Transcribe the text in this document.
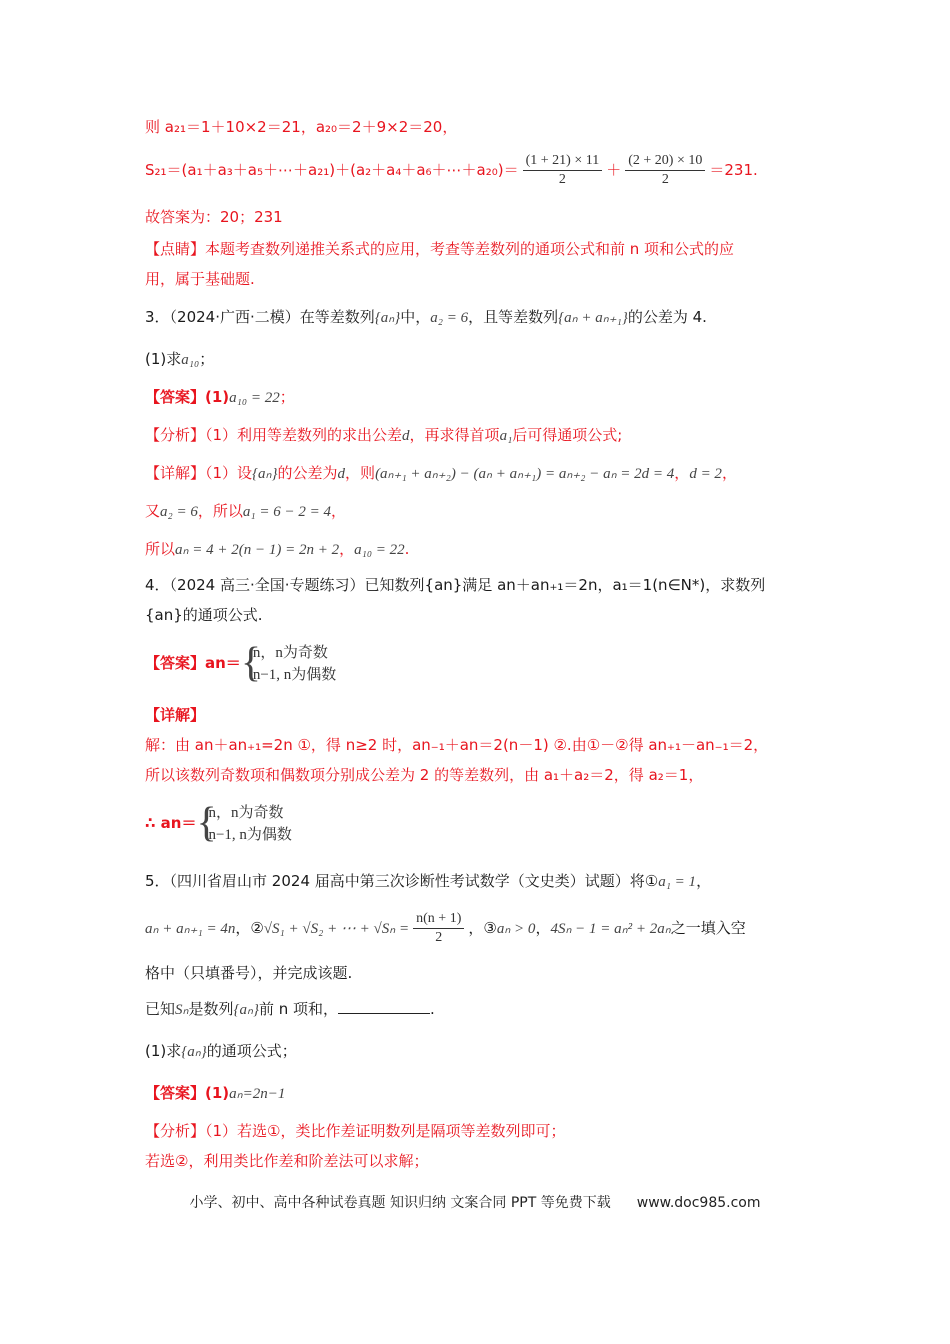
则 a₂₁＝1＋10×2＝21，a₂₀＝2＋9×2＝20，
S₂₁＝(a₁＋a₃＋a₅＋⋯＋a₂₁)＋(a₂＋a₄＋a₆＋⋯＋a₂₀)＝ $\frac{(1 + 21) \times 11}{2} + \frac{(2 + 20) \times 10}{2} =231$.
故答案为：20；231
【点睛】本题考查数列递推关系式的应用，考查等差数列的通项公式和前 n 项和公式的应
用，属于基础题.
3．（2024·广西·二模）在等差数列{aₙ}中，a₂ = 6，且等差数列{aₙ + aₙ₊₁}的公差为 4.
(1)求a₁₀；
【答案】(1)a₁₀ = 22；
【分析】（1）利用等差数列的求出公差d，再求得首项a₁后可得通项公式;
【详解】（1）设{aₙ}的公差为d，则(aₙ₊₁ + aₙ₊₂) − (aₙ + aₙ₊₁) = aₙ₊₂ − aₙ = 2d = 4，d = 2，
又a₂ = 6，所以a₁ = 6 − 2 = 4，
所以aₙ = 4 + 2(n − 1) = 2n + 2，a₁₀ = 22.
4．（2024 高三·全国·专题练习）已知数列{an}满足 an＋an₊₁＝2n，a₁＝1(n∈N*)，求数列
{an}的通项公式.
【答案】an＝ {
n，n为奇数
n−1, n为偶数
【详解】
解：由 an＋an₊₁=2n ①，得 n≥2 时，an₋₁＋an＝2(n－1) ②.由①－②得 an₊₁－an₋₁＝2，
所以该数列奇数项和偶数项分别成公差为 2 的等差数列，由 a₁＋a₂＝2，得 a₂＝1，
∴ an＝ {
n，n为奇数
n−1, n为偶数
5．（四川省眉山市 2024 届高中第三次诊断性考试数学（文史类）试题）将①a₁ = 1，
aₙ + aₙ₊₁ = 4n，②√S₁ + √S₂ + ⋯ + $√S_n = \frac{n(n + 1)}{2}$ ，③aₙ > 0，4Sₙ − 1 = aₙ² + 2aₙ之一填入空
格中（只填番号），并完成该题.
已知Sₙ是数列{aₙ}前 n 项和，	.
(1)求{aₙ}的通项公式；
【答案】(1)aₙ=2n−1
【分析】（1）若选①，类比作差证明数列是隔项等差数列即可；
若选②，利用类比作差和阶差法可以求解；
小学、初中、高中各种试卷真题 知识归纳 文案合同 PPT 等免费下载 www.doc985.com
